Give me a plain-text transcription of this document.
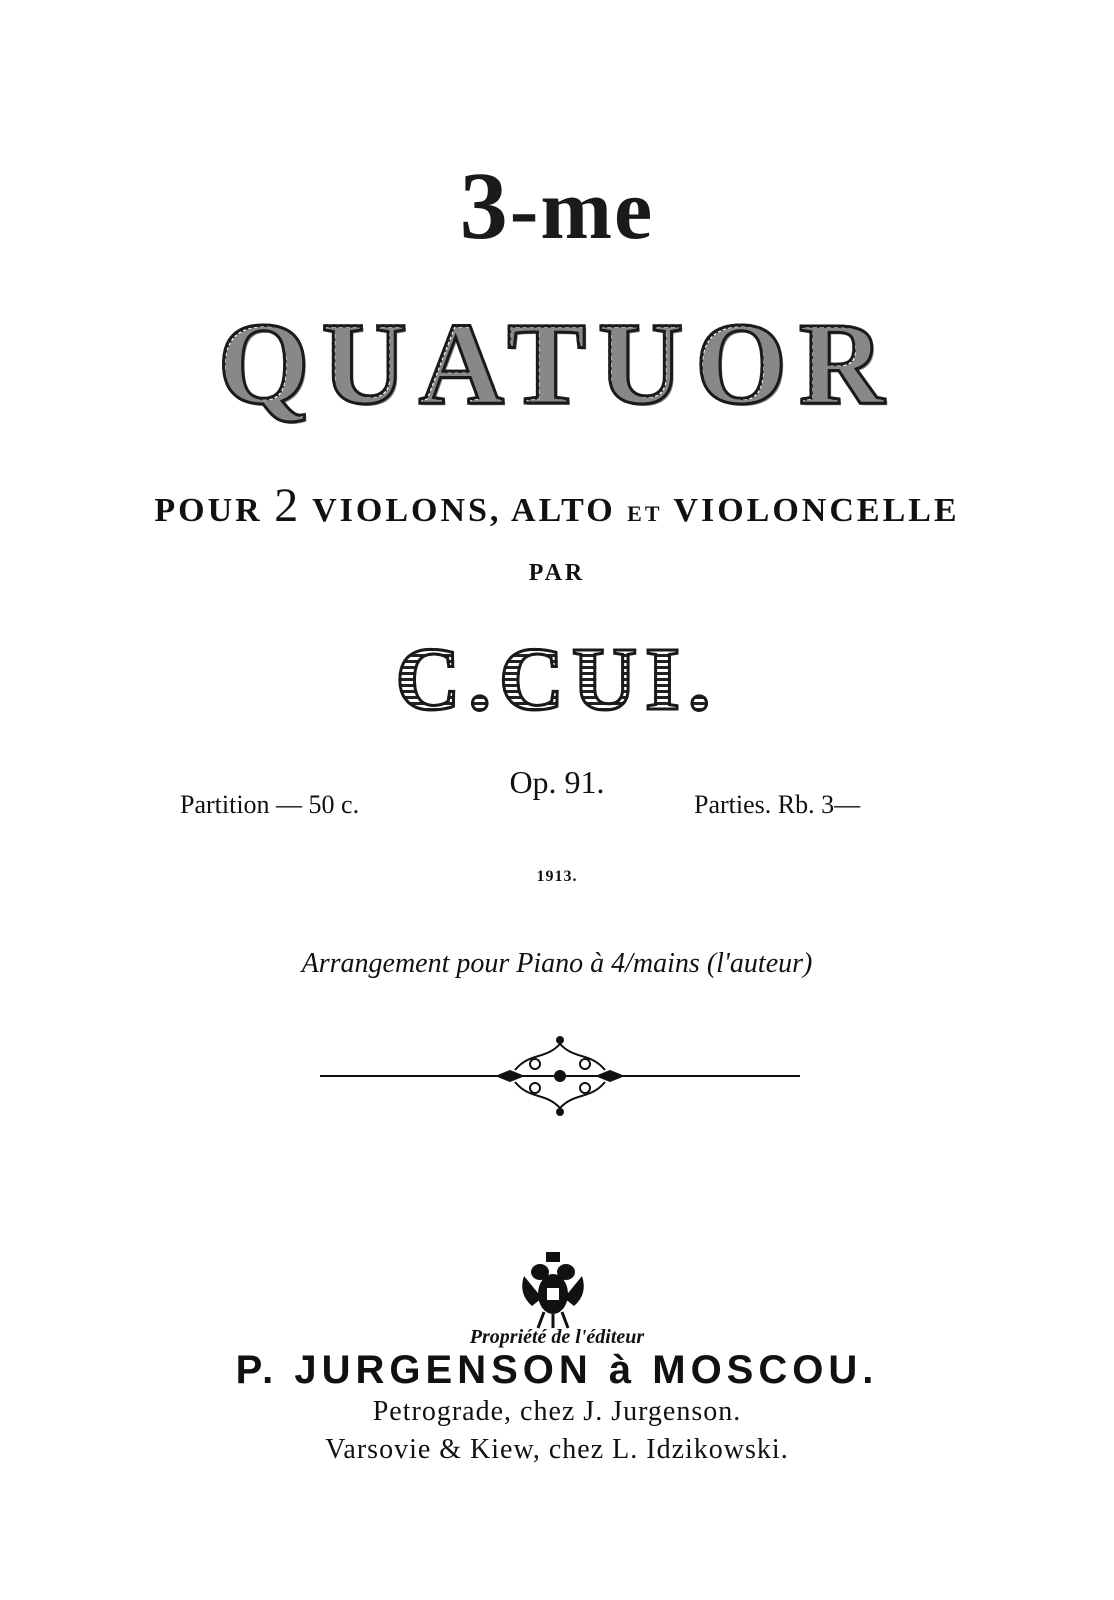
3-me
QUATUOR
POUR 2 VIOLONS, ALTO ET VIOLONCELLE
PAR
C.CUI.
Partition — 50 c.
Op. 91.
Parties. Rb. 3—
1913.
Arrangement pour Piano à 4/mains (l'auteur)
Propriété de l'éditeur
P. JURGENSON à MOSCOU.
Petrograde, chez J. Jurgenson.
Varsovie & Kiew, chez L. Idzikowski.
